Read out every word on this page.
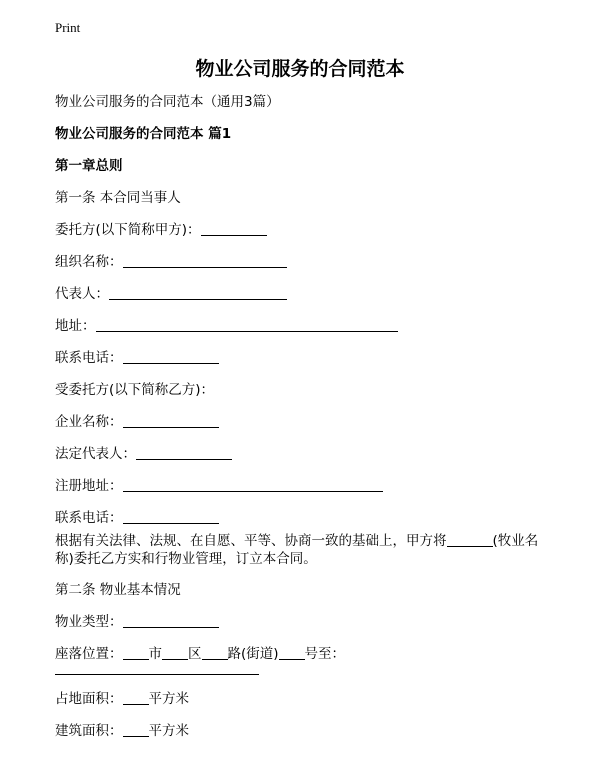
Print
物业公司服务的合同范本
物业公司服务的合同范本（通用3篇）
物业公司服务的合同范本 篇1
第一章总则
第一条 本合同当事人
委托方(以下简称甲方)：
组织名称：
代表人：
地址：
联系电话：
受委托方(以下简称乙方)：
企业名称：
法定代表人：
注册地址：
联系电话：
根据有关法律、法规、在自愿、平等、协商一致的基础上，甲方将	(牧业名称)委托乙方实和行物业管理，订立本合同。
第二条 物业基本情况
物业类型：
座落位置： 市 区 路(街道) 号至：
占地面积： 平方米
建筑面积： 平方米
